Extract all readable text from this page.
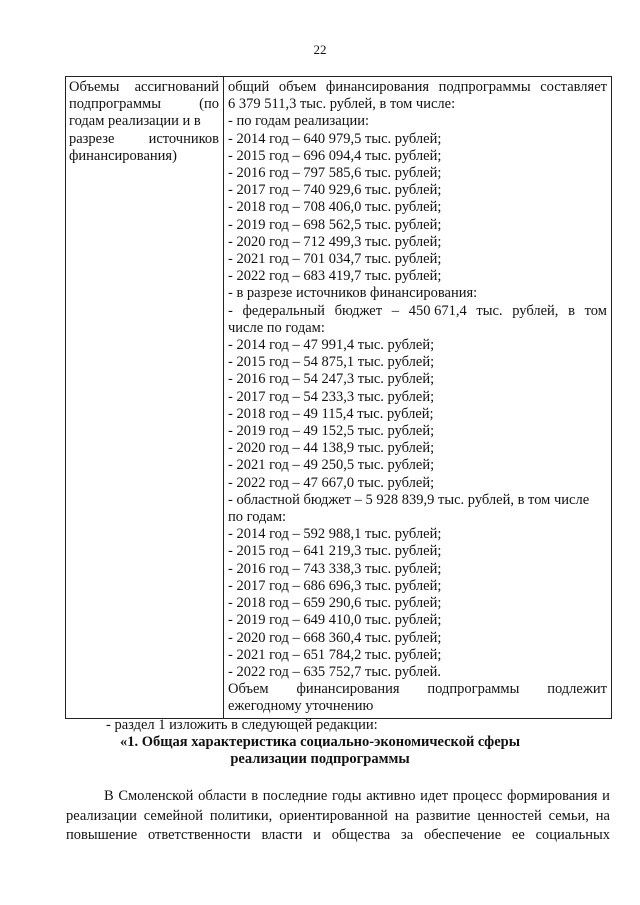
22
Объемы ассигнований
подпрограммы	(по
годам реализации и в
разрезе источников
финансирования)
общий объем финансирования подпрограммы составляет
6 379 511,3 тыс. рублей, в том числе:
- по годам реализации:
- 2014 год – 640 979,5 тыс. рублей;
- 2015 год – 696 094,4 тыс. рублей;
- 2016 год – 797 585,6 тыс. рублей;
- 2017 год – 740 929,6 тыс. рублей;
- 2018 год – 708 406,0 тыс. рублей;
- 2019 год – 698 562,5 тыс. рублей;
- 2020 год – 712 499,3 тыс. рублей;
- 2021 год – 701 034,7 тыс. рублей;
- 2022 год – 683 419,7 тыс. рублей;
- в разрезе источников финансирования:
- федеральный бюджет – 450 671,4 тыс. рублей, в том
числе по годам:
- 2014 год – 47 991,4 тыс. рублей;
- 2015 год – 54 875,1 тыс. рублей;
- 2016 год – 54 247,3 тыс. рублей;
- 2017 год – 54 233,3 тыс. рублей;
- 2018 год – 49 115,4 тыс. рублей;
- 2019 год – 49 152,5 тыс. рублей;
- 2020 год – 44 138,9 тыс. рублей;
- 2021 год – 49 250,5 тыс. рублей;
- 2022 год – 47 667,0 тыс. рублей;
- областной бюджет – 5 928 839,9 тыс. рублей, в том числе
по годам:
- 2014 год – 592 988,1 тыс. рублей;
- 2015 год – 641 219,3 тыс. рублей;
- 2016 год – 743 338,3 тыс. рублей;
- 2017 год – 686 696,3 тыс. рублей;
- 2018 год – 659 290,6 тыс. рублей;
- 2019 год – 649 410,0 тыс. рублей;
- 2020 год – 668 360,4 тыс. рублей;
- 2021 год – 651 784,2 тыс. рублей;
- 2022 год – 635 752,7 тыс. рублей.
Объем финансирования подпрограммы подлежит
ежегодному уточнению
- раздел 1 изложить в следующей редакции:
«1. Общая характеристика социально-экономической сферы
реализации подпрограммы
В Смоленской области в последние годы активно идет процесс формирования и
реализации семейной политики, ориентированной на развитие ценностей семьи, на
повышение ответственности власти и общества за обеспечение ее социальных
